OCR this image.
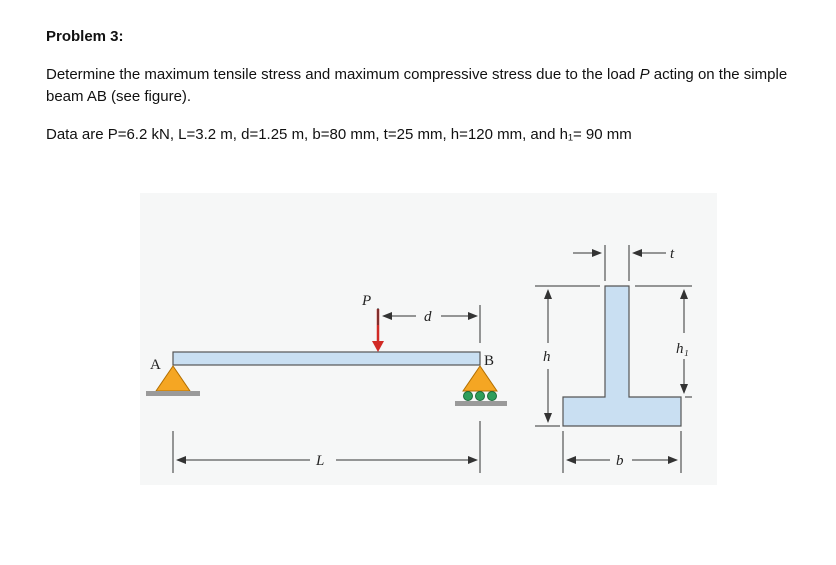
Problem 3:
Determine the maximum tensile stress and maximum compressive stress due to the load P acting on the simple beam AB (see figure).
Data are P=6.2 kN, L=3.2 m, d=1.25 m, b=80 mm, t=25 mm, h=120 mm, and h₁= 90 mm
A	B
P
d
L
h	h₁
t
b
